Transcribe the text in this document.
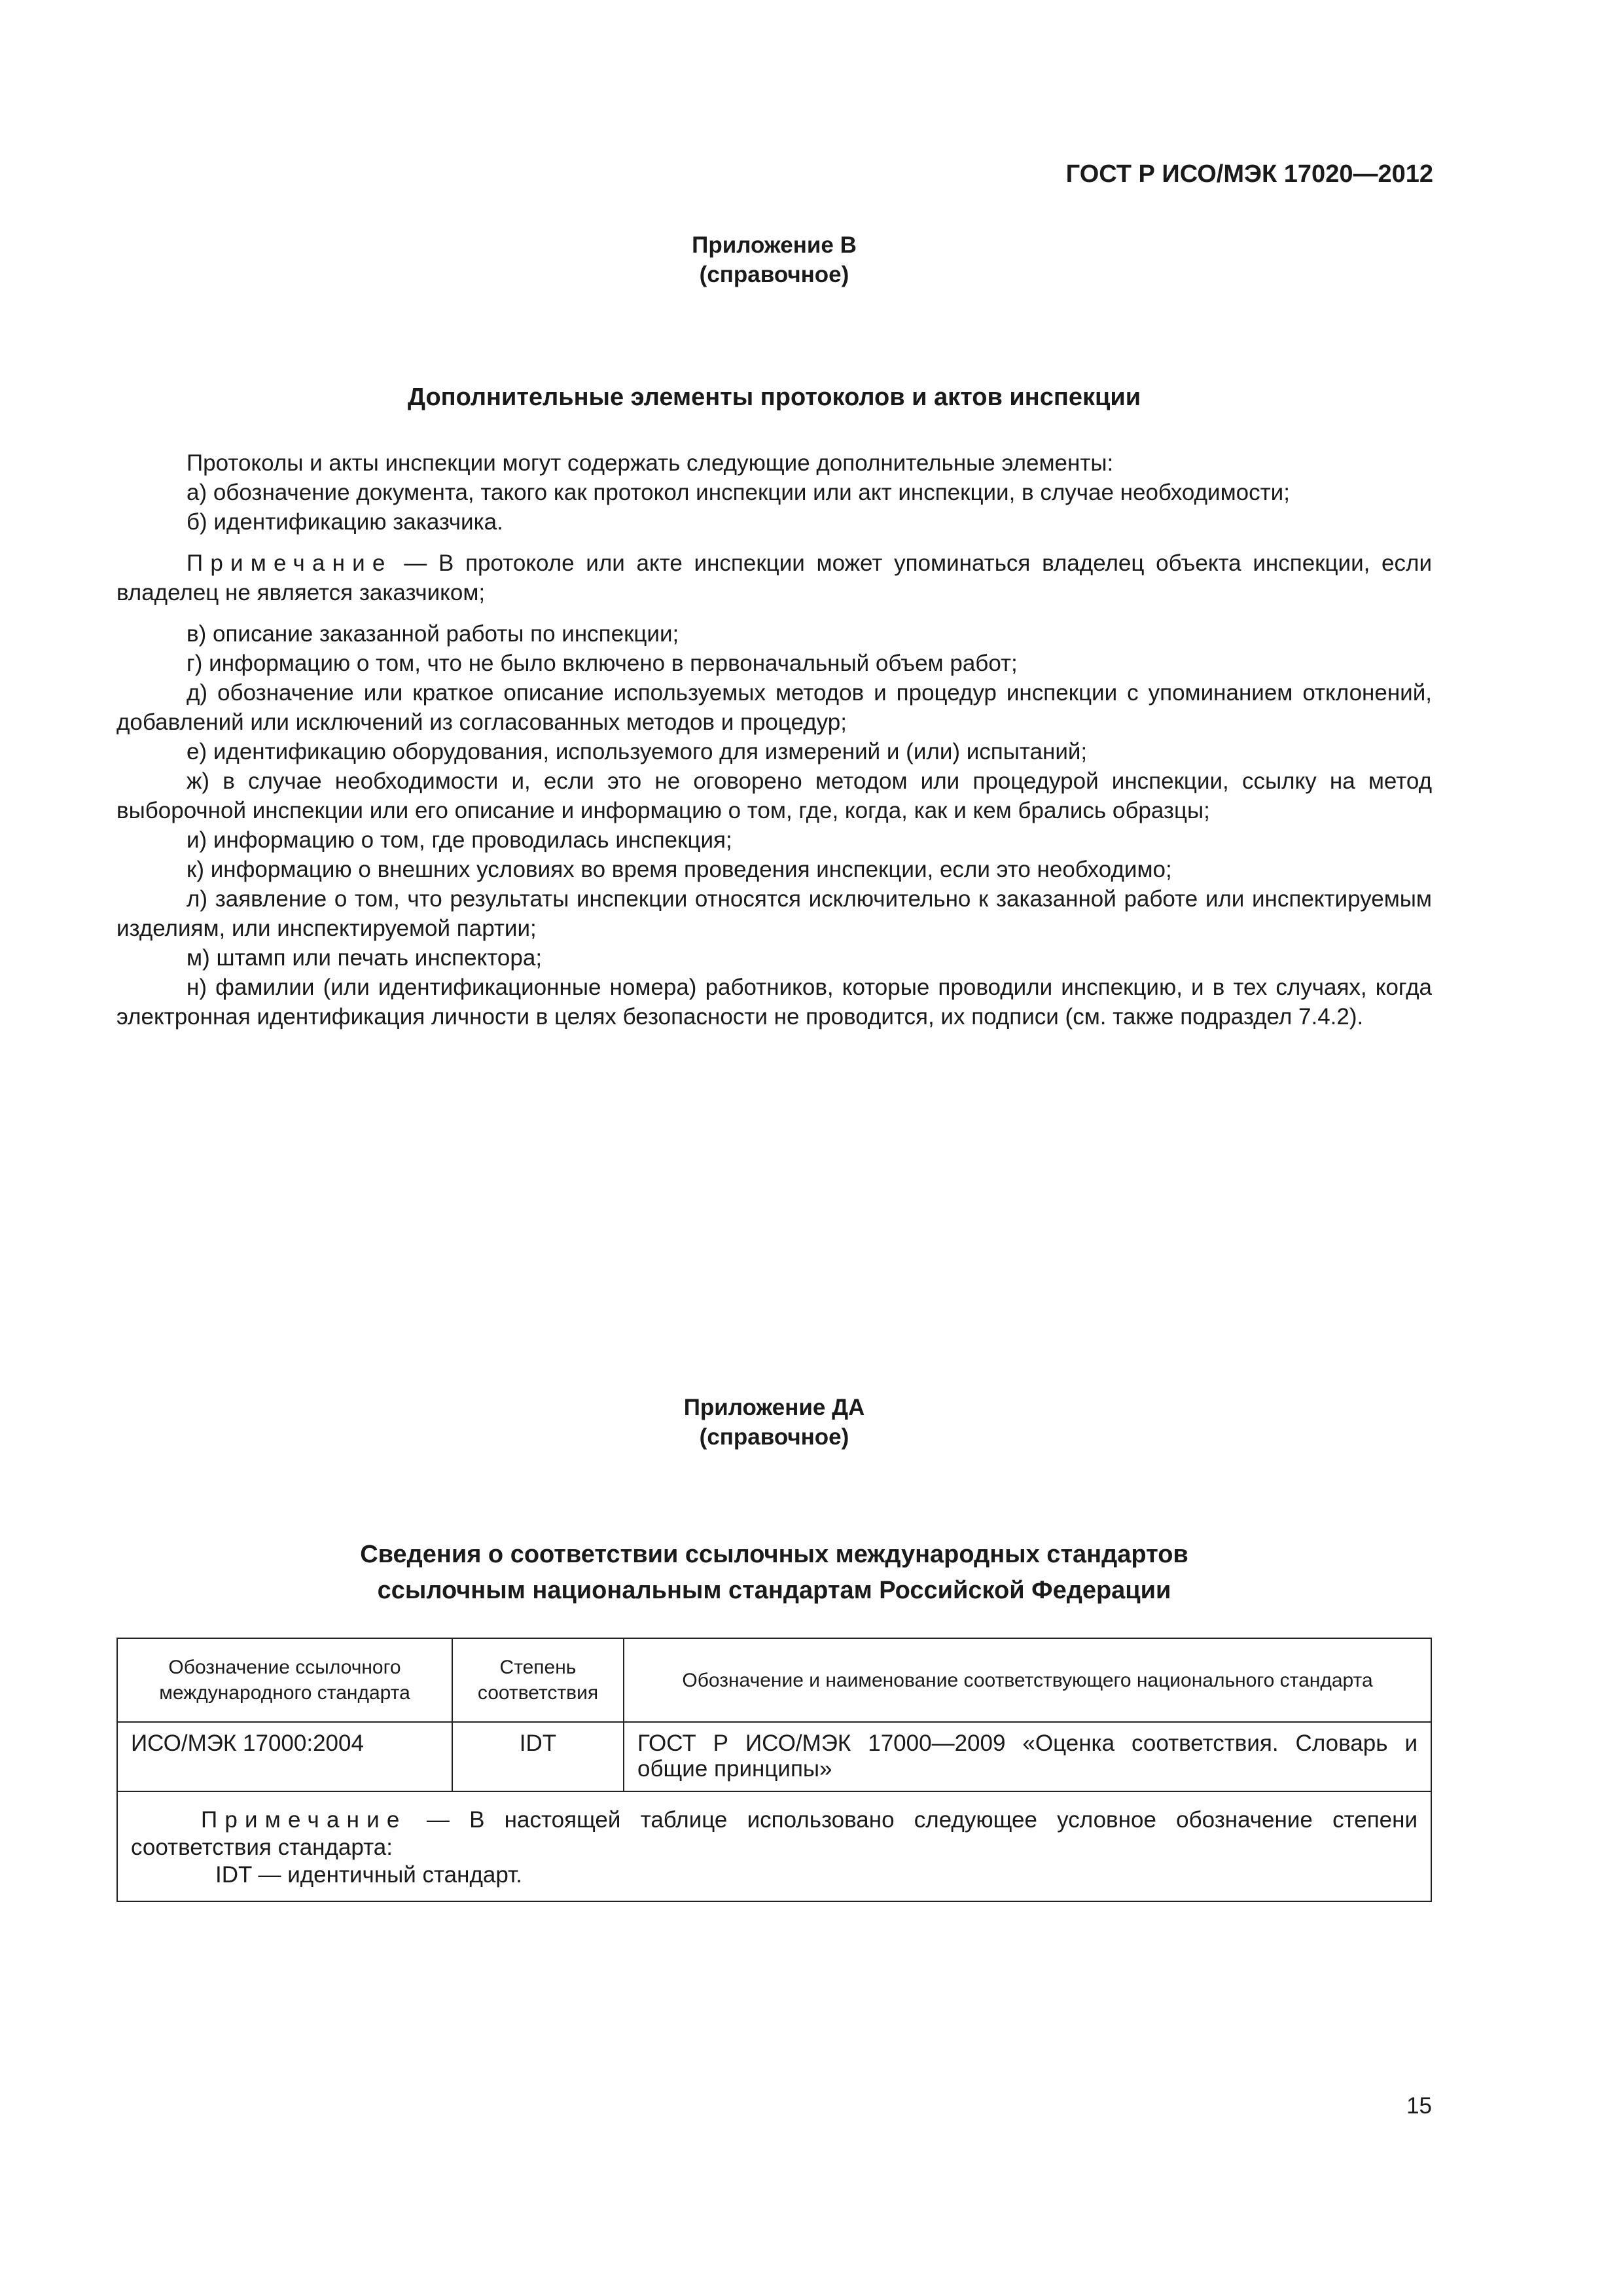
ГОСТ Р ИСО/МЭК 17020—2012
Приложение В
(справочное)
Дополнительные элементы протоколов и актов инспекции

Протоколы и акты инспекции могут содержать следующие дополнительные элементы:

а) обозначение документа, такого как протокол инспекции или акт инспекции, в случае необходимости;

б) идентификацию заказчика.

Примечание — В протоколе или акте инспекции может упоминаться владелец объекта инспекции, если владелец не является заказчиком;

в) описание заказанной работы по инспекции;

г) информацию о том, что не было включено в первоначальный объем работ;

д) обозначение или краткое описание используемых методов и процедур инспекции с упоминанием отклонений, добавлений или исключений из согласованных методов и процедур;

е) идентификацию оборудования, используемого для измерений и (или) испытаний;

ж) в случае необходимости и, если это не оговорено методом или процедурой инспекции, ссылку на метод выборочной инспекции или его описание и информацию о том, где, когда, как и кем брались образцы;

и) информацию о том, где проводилась инспекция;

к) информацию о внешних условиях во время проведения инспекции, если это необходимо;

л) заявление о том, что результаты инспекции относятся исключительно к заказанной работе или инспектируемым изделиям, или инспектируемой партии;

м) штамп или печать инспектора;

н) фамилии (или идентификационные номера) работников, которые проводили инспекцию, и в тех случаях, когда электронная идентификация личности в целях безопасности не проводится, их подписи (см. также подраздел 7.4.2).

Приложение ДА
(справочное)
Сведения о соответствии ссылочных международных стандартов
ссылочным национальным стандартам Российской Федерации
Обозначение ссылочного международного стандарта	Степень соответствия	Обозначение и наименование соответствующего национального стандарта
ИСО/МЭК 17000:2004	IDT	ГОСТ Р ИСО/МЭК 17000—2009 «Оценка соответствия. Словарь и общие принципы»

Примечание — В настоящей таблице использовано следующее условное обозначение степени соответствия стандарта:

IDT — идентичный стандарт.		

15
